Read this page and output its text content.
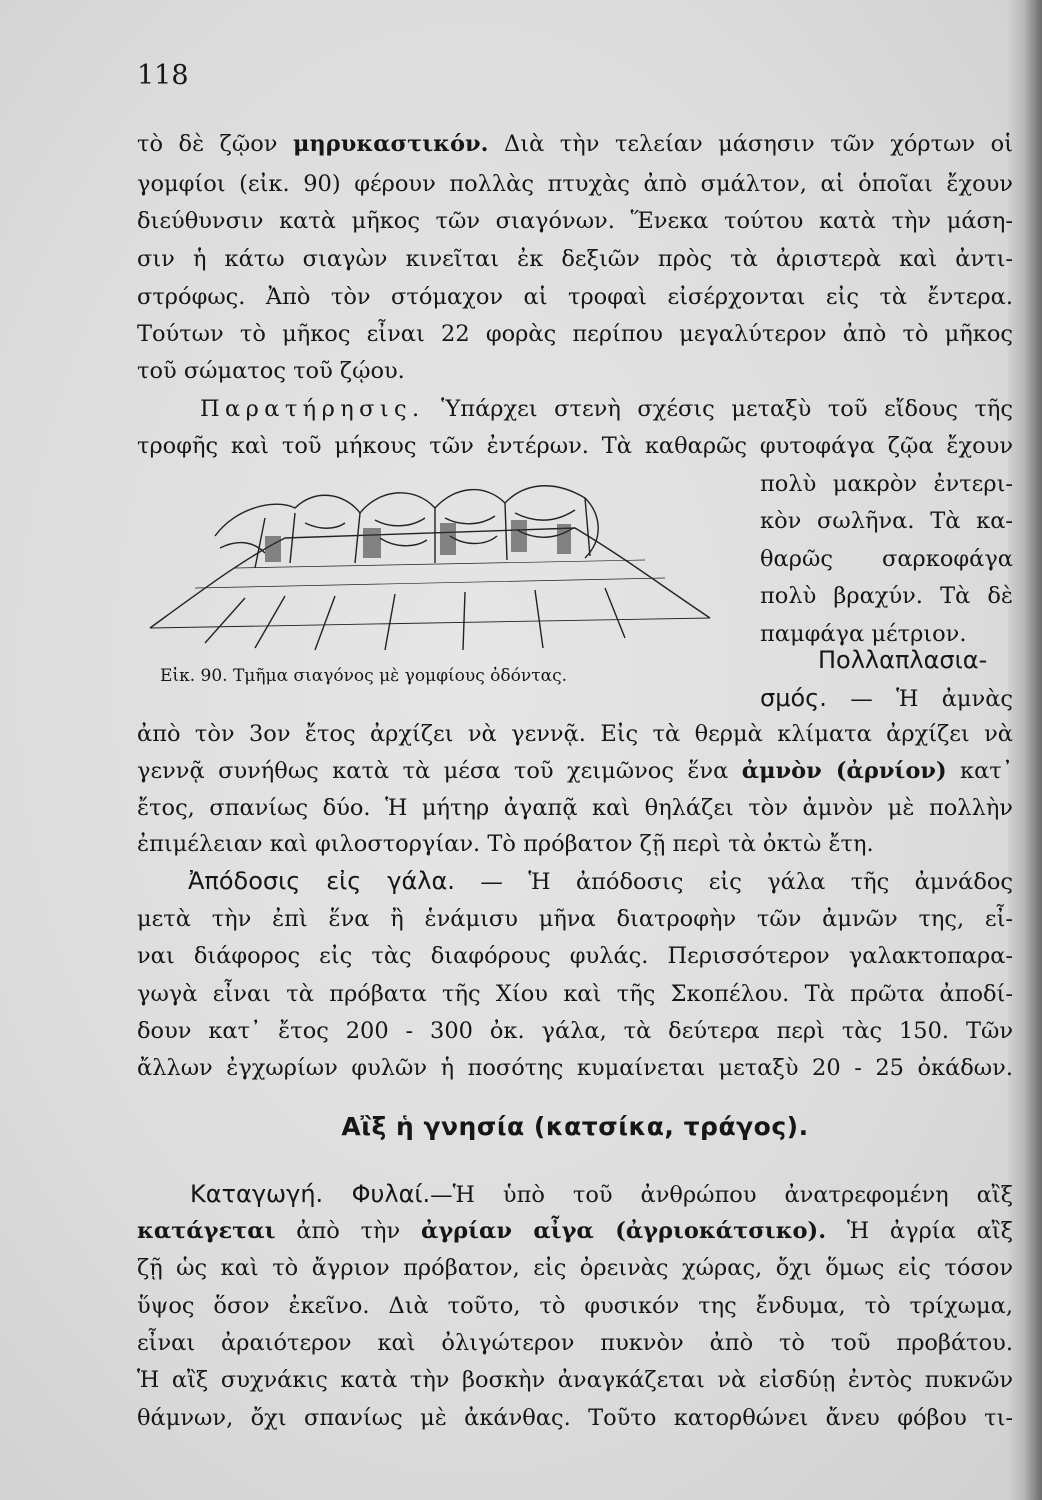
118
τὸ δὲ ζῷον μηρυκαστικόν. Διὰ τὴν τελείαν μάσησιν τῶν χόρτων οἱ
γομφίοι (εἰκ. 90) φέρουν πολλὰς πτυχὰς ἀπὸ σμάλτον, αἱ ὁποῖαι ἔχουν
διεύθυνσιν κατὰ μῆκος τῶν σιαγόνων. Ἕνεκα τούτου κατὰ τὴν μάση-
σιν ἡ κάτω σιαγὼν κινεῖται ἐκ δεξιῶν πρὸς τὰ ἀριστερὰ καὶ ἀντι-
στρόφως. Ἀπὸ τὸν στόμαχον αἱ τροφαὶ εἰσέρχονται εἰς τὰ ἔντερα.
Τούτων τὸ μῆκος εἶναι 22 φορὰς περίπου μεγαλύτερον ἀπὸ τὸ μῆκος
τοῦ σώματος τοῦ ζῴου.
Παρατήρησις. Ὑπάρχει στενὴ σχέσις μεταξὺ τοῦ εἴδους τῆς
τροφῆς καὶ τοῦ μήκους τῶν ἐντέρων. Τὰ καθαρῶς φυτοφάγα ζῷα ἔχουν
πολὺ μακρὸν ἐντερι-
κὸν σωλῆνα. Τὰ κα-
θαρῶς σαρκοφάγα
πολὺ βραχύν. Τὰ δὲ
παμφάγα μέτριον.
Εἰκ. 90. Τμῆμα σιαγόνος μὲ γομφίους ὀδόντας.
Πολλαπλασια-
σμός. — Ἡ ἀμνὰς
ἀπὸ τὸν 3ον ἔτος ἀρχίζει νὰ γεννᾷ. Εἰς τὰ θερμὰ κλίματα ἀρχίζει νὰ
γεννᾷ συνήθως κατὰ τὰ μέσα τοῦ χειμῶνος ἕνα ἀμνὸν (ἀρνίον) κατ᾽
ἔτος, σπανίως δύο. Ἡ μήτηρ ἀγαπᾷ καὶ θηλάζει τὸν ἀμνὸν μὲ πολλὴν
ἐπιμέλειαν καὶ φιλοστοργίαν. Τὸ πρόβατον ζῇ περὶ τὰ ὀκτὼ ἔτη.
Ἀπόδοσις εἰς γάλα. — Ἡ ἀπόδοσις εἰς γάλα τῆς ἀμνάδος
μετὰ τὴν ἐπὶ ἕνα ἢ ἑνάμισυ μῆνα διατροφὴν τῶν ἀμνῶν της, εἶ-
ναι διάφορος εἰς τὰς διαφόρους φυλάς. Περισσότερον γαλακτοπαρα-
γωγὰ εἶναι τὰ πρόβατα τῆς Χίου καὶ τῆς Σκοπέλου. Τὰ πρῶτα ἀποδί-
δουν κατ᾽ ἔτος 200 - 300 ὀκ. γάλα, τὰ δεύτερα περὶ τὰς 150. Τῶν
ἄλλων ἐγχωρίων φυλῶν ἡ ποσότης κυμαίνεται μεταξὺ 20 - 25 ὀκάδων.
Αἲξ ἡ γνησία (κατσίκα, τράγος).
Καταγωγή. Φυλαί.—Ἡ ὑπὸ τοῦ ἀνθρώπου ἀνατρεφομένη αἲξ
κατάγεται ἀπὸ τὴν ἀγρίαν αἶγα (ἀγριοκάτσικο). Ἡ ἀγρία αἲξ
ζῇ ὡς καὶ τὸ ἄγριον πρόβατον, εἰς ὀρεινὰς χώρας, ὄχι ὅμως εἰς τόσον
ὕψος ὅσον ἐκεῖνο. Διὰ τοῦτο, τὸ φυσικόν της ἔνδυμα, τὸ τρίχωμα,
εἶναι ἀραιότερον καὶ ὀλιγώτερον πυκνὸν ἀπὸ τὸ τοῦ προβάτου.
Ἡ αἲξ συχνάκις κατὰ τὴν βοσκὴν ἀναγκάζεται νὰ εἰσδύῃ ἐντὸς πυκνῶν
θάμνων, ὄχι σπανίως μὲ ἀκάνθας. Τοῦτο κατορθώνει ἄνευ φόβου τι-
